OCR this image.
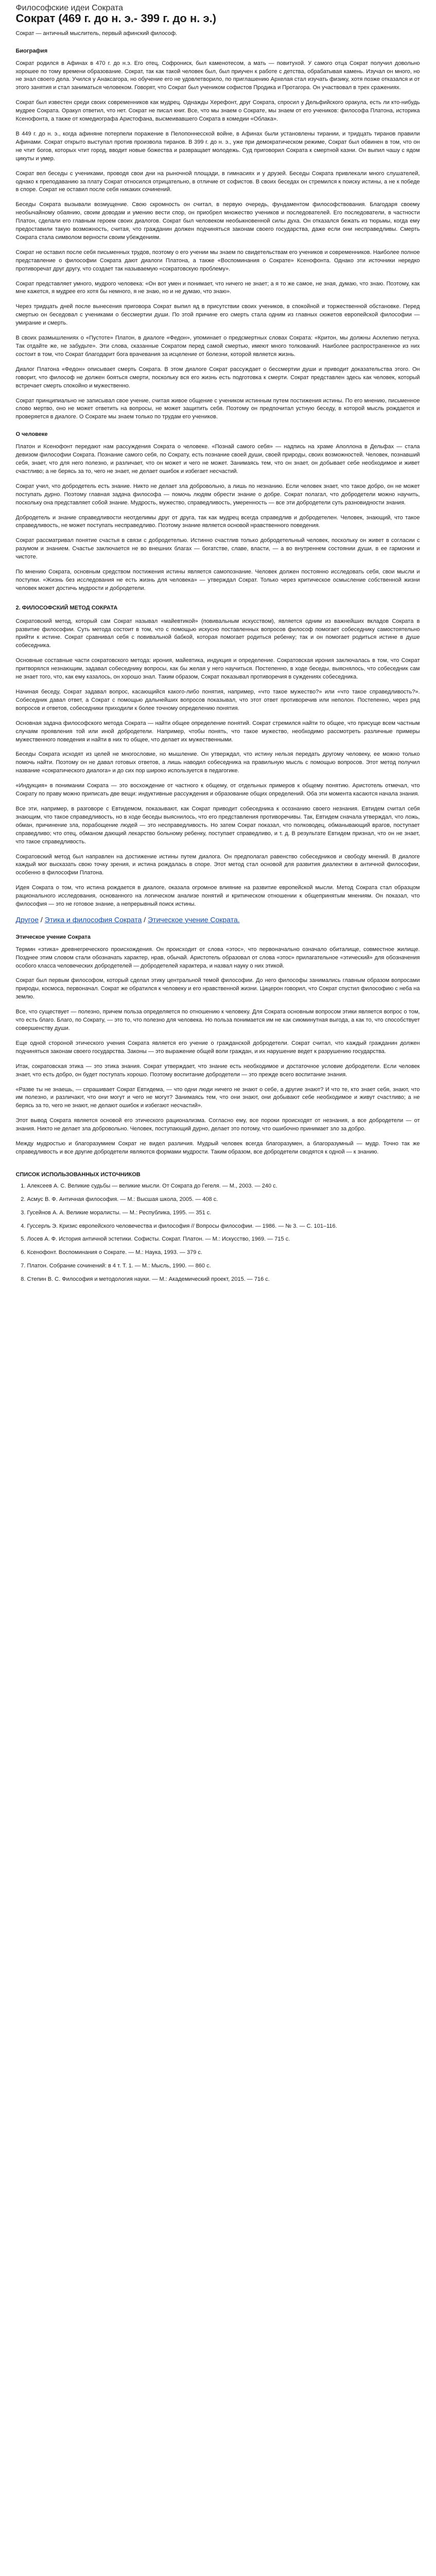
Философские идеи Сократа
Сократ (469 г. до н. э.- 399 г. до н. э.)

Сократ — античный мыслитель, первый афинский философ.

Биография

Сократ родился в Афинах в 470 г. до н.э. Его отец, Софрониск, был каменотесом, а мать — повитухой. У самого отца Сократ получил довольно хорошее по тому времени образование. Сократ, так как такой человек был, был приучен к работе с детства, обрабатывая камень. Изучал он много, но не знал своего дела. Учился у Анаксагора, но обучение его не удовлетворило, по приглашению Архелая стал изучать физику, хотя позже отказался и от этого занятия и стал заниматься человеком. Говорят, что Сократ был учеником софистов Продика и Протагора. Он участвовал в трех сражениях.

Сократ был известен среди своих современников как мудрец. Однажды Херефонт, друг Сократа, спросил у Дельфийского оракула, есть ли кто-нибудь мудрее Сократа. Оракул ответил, что нет. Сократ не писал книг. Все, что мы знаем о Сократе, мы знаем от его учеников: философа Платона, историка Ксенофонта, а также от комедиографа Аристофана, высмеивавшего Сократа в комедии «Облака».

В 449 г. до н. э., когда афиняне потерпели поражение в Пелопоннесской войне, в Афинах были установлены тирании, и тридцать тиранов правили Афинами. Сократ открыто выступал против произвола тиранов. В 399 г. до н. э., уже при демократическом режиме, Сократ был обвинен в том, что он не чтит богов, которых чтит город, вводит новые божества и развращает молодежь. Суд приговорил Сократа к смертной казни. Он выпил чашу с ядом цикуты и умер.

Сократ вел беседы с учениками, проводя свои дни на рыночной площади, в гимнасиях и у друзей. Беседы Сократа привлекали много слушателей, однако к преподаванию за плату Сократ относился отрицательно, в отличие от софистов. В своих беседах он стремился к поиску истины, а не к победе в споре. Сократ не оставил после себя никаких сочинений.

Беседы Сократа вызывали возмущение. Свою скромность он считал, в первую очередь, фундаментом философствования. Благодаря своему необычайному обаянию, своим доводам и умению вести спор, он приобрел множество учеников и последователей. Его последователи, в частности Платон, сделали его главным героем своих диалогов. Сократ был человеком необыкновенной силы духа. Он отказался бежать из тюрьмы, когда ему предоставили такую возможность, считая, что гражданин должен подчиняться законам своего государства, даже если они несправедливы. Смерть Сократа стала символом верности своим убеждениям.

Сократ не оставил после себя письменных трудов, поэтому о его учении мы знаем по свидетельствам его учеников и современников. Наиболее полное представление о философии Сократа дают диалоги Платона, а также «Воспоминания о Сократе» Ксенофонта. Однако эти источники нередко противоречат друг другу, что создает так называемую «сократовскую проблему».

Сократ представляет умного, мудрого человека: «Он вот умен и понимает, что ничего не знает; а я то же самое, не зная, думаю, что знаю. Поэтому, как мне кажется, я мудрее его хотя бы немного, я не знаю, но и не думаю, что знаю».

Через тридцать дней после вынесения приговора Сократ выпил яд в присутствии своих учеников, в спокойной и торжественной обстановке. Перед смертью он беседовал с учениками о бессмертии души. По этой причине его смерть стала одним из главных сюжетов европейской философии — умирание и смерть.

В своих размышлениях о «Пустоте» Платон, в диалоге «Федон», упоминает о предсмертных словах Сократа: «Критон, мы должны Асклепию петуха. Так отдайте же, не забудьте». Эти слова, сказанные Сократом перед самой смертью, имеют много толкований. Наиболее распространенное из них состоит в том, что Сократ благодарит бога врачевания за исцеление от болезни, которой является жизнь.

Диалог Платона «Федон» описывает смерть Сократа. В этом диалоге Сократ рассуждает о бессмертии души и приводит доказательства этого. Он говорит, что философ не должен бояться смерти, поскольку вся его жизнь есть подготовка к смерти. Сократ представлен здесь как человек, который встречает смерть спокойно и мужественно.

Сократ принципиально не записывал свое учение, считая живое общение с учеником истинным путем постижения истины. По его мнению, письменное слово мертво, оно не может ответить на вопросы, не может защитить себя. Поэтому он предпочитал устную беседу, в которой мысль рождается и проверяется в диалоге. О Сократе мы знаем только по трудам его учеников.

О человеке

Платон и Ксенофонт передают нам рассуждения Сократа о человеке. «Познай самого себя» — надпись на храме Аполлона в Дельфах — стала девизом философии Сократа. Познание самого себя, по Сократу, есть познание своей души, своей природы, своих возможностей. Человек, познавший себя, знает, что для него полезно, и различает, что он может и чего не может. Занимаясь тем, что он знает, он добывает себе необходимое и живет счастливо; а не берясь за то, чего не знает, не делает ошибок и избегает несчастий.

Сократ учил, что добродетель есть знание. Никто не делает зла добровольно, а лишь по незнанию. Если человек знает, что такое добро, он не может поступать дурно. Поэтому главная задача философа — помочь людям обрести знание о добре. Сократ полагал, что добродетели можно научить, поскольку она представляет собой знание. Мудрость, мужество, справедливость, умеренность — все эти добродетели суть разновидности знания.

Добродетель и знание справедливости неотделимы друг от друга, так как мудрец всегда справедлив и добродетелен. Человек, знающий, что такое справедливость, не может поступать несправедливо. Поэтому знание является основой нравственного поведения.

Сократ рассматривал понятие счастья в связи с добродетелью. Истинно счастлив только добродетельный человек, поскольку он живет в согласии с разумом и знанием. Счастье заключается не во внешних благах — богатстве, славе, власти, — а во внутреннем состоянии души, в ее гармонии и чистоте.

По мнению Сократа, основным средством постижения истины является самопознание. Человек должен постоянно исследовать себя, свои мысли и поступки. «Жизнь без исследования не есть жизнь для человека» — утверждал Сократ. Только через критическое осмысление собственной жизни человек может достичь мудрости и добродетели.

2. ФИЛОСОФСКИЙ МЕТОД СОКРАТА

Сократовский метод, который сам Сократ называл «майевтикой» (повивальным искусством), является одним из важнейших вкладов Сократа в развитие философии. Суть метода состоит в том, что с помощью искусно поставленных вопросов философ помогает собеседнику самостоятельно прийти к истине. Сократ сравнивал себя с повивальной бабкой, которая помогает родиться ребенку; так и он помогает родиться истине в душе собеседника.

Основные составные части сократовского метода: ирония, майевтика, индукция и определение. Сократовская ирония заключалась в том, что Сократ притворялся незнающим, задавал собеседнику вопросы, как бы желая у него научиться. Постепенно, в ходе беседы, выяснялось, что собеседник сам не знает того, что, как ему казалось, он хорошо знал. Таким образом, Сократ показывал противоречия в суждениях собеседника.

Начиная беседу, Сократ задавал вопрос, касающийся какого-либо понятия, например, «что такое мужество?» или «что такое справедливость?». Собеседник давал ответ, а Сократ с помощью дальнейших вопросов показывал, что этот ответ противоречив или неполон. Постепенно, через ряд вопросов и ответов, собеседники приходили к более точному определению понятия.

Основная задача философского метода Сократа — найти общее определение понятий. Сократ стремился найти то общее, что присуще всем частным случаям проявления той или иной добродетели. Например, чтобы понять, что такое мужество, необходимо рассмотреть различные примеры мужественного поведения и найти в них то общее, что делает их мужественными.

Беседы Сократа исходят из целей не многословие, но мышление. Он утверждал, что истину нельзя передать другому человеку, ее можно только помочь найти. Поэтому он не давал готовых ответов, а лишь наводил собеседника на правильную мысль с помощью вопросов. Этот метод получил название «сократического диалога» и до сих пор широко используется в педагогике.

«Индукция» в понимании Сократа — это восхождение от частного к общему, от отдельных примеров к общему понятию. Аристотель отмечал, что Сократу по праву можно приписать две вещи: индуктивные рассуждения и образование общих определений. Оба эти момента касаются начала знания.

Все эти, например, в разговоре с Евтидемом, показывают, как Сократ приводит собеседника к осознанию своего незнания. Евтидем считал себя знающим, что такое справедливость, но в ходе беседы выяснилось, что его представления противоречивы. Так, Евтидем сначала утверждал, что ложь, обман, причинение зла, порабощение людей — это несправедливость. Но затем Сократ показал, что полководец, обманывающий врагов, поступает справедливо; что отец, обманом дающий лекарство больному ребенку, поступает справедливо, и т. д. В результате Евтидем признал, что он не знает, что такое справедливость.

Сократовский метод был направлен на достижение истины путем диалога. Он предполагал равенство собеседников и свободу мнений. В диалоге каждый мог высказать свою точку зрения, и истина рождалась в споре. Этот метод стал основой для развития диалектики в античной философии, особенно в философии Платона.

Идея Сократа о том, что истина рождается в диалоге, оказала огромное влияние на развитие европейской мысли. Метод Сократа стал образцом рационального исследования, основанного на логическом анализе понятий и критическом отношении к общепринятым мнениям. Он показал, что философия — это не готовое знание, а непрерывный поиск истины.

Другое / Этика и философия Сократа / Этическое учение Сократа.
Этическое учение Сократа

Термин «этика» древнегреческого происхождения. Он происходит от слова «этос», что первоначально означало обиталище, совместное жилище. Позднее этим словом стали обозначать характер, нрав, обычай. Аристотель образовал от слова «этос» прилагательное «этический» для обозначения особого класса человеческих добродетелей — добродетелей характера, и назвал науку о них этикой.

Сократ был первым философом, который сделал этику центральной темой философии. До него философы занимались главным образом вопросами природы, космоса, первоначал. Сократ же обратился к человеку и его нравственной жизни. Цицерон говорил, что Сократ спустил философию с неба на землю.

Все, что существует — полезно, причем польза определяется по отношению к человеку. Для Сократа основным вопросом этики является вопрос о том, что есть благо. Благо, по Сократу, — это то, что полезно для человека. Но польза понимается им не как сиюминутная выгода, а как то, что способствует совершенству души.

Еще одной стороной этического учения Сократа является его учение о гражданской добродетели. Сократ считал, что каждый гражданин должен подчиняться законам своего государства. Законы — это выражение общей воли граждан, и их нарушение ведет к разрушению государства.

Итак, сократовская этика — это этика знания. Сократ утверждает, что знание есть необходимое и достаточное условие добродетели. Если человек знает, что есть добро, он будет поступать хорошо. Поэтому воспитание добродетели — это прежде всего воспитание знания.

«Разве ты не знаешь, — спрашивает Сократ Евтидема, — что одни люди ничего не знают о себе, а другие знают? И что те, кто знает себя, знают, что им полезно, и различают, что они могут и чего не могут? Занимаясь тем, что они знают, они добывают себе необходимое и живут счастливо; а не берясь за то, чего не знают, не делают ошибок и избегают несчастий».

Этот вывод Сократа является основой его этического рационализма. Согласно ему, все пороки происходят от незнания, а все добродетели — от знания. Никто не делает зла добровольно. Человек, поступающий дурно, делает это потому, что ошибочно принимает зло за добро.

Между мудростью и благоразумием Сократ не видел различия. Мудрый человек всегда благоразумен, а благоразумный — мудр. Точно так же справедливость и все другие добродетели являются формами мудрости. Таким образом, все добродетели сводятся к одной — к знанию.

СПИСОК ИСПОЛЬЗОВАННЫХ ИСТОЧНИКОВ
1. Алексеев А. С. Великие судьбы — великие мысли. От Сократа до Гегеля. — М., 2003. — 240 с.
2. Асмус В. Ф. Античная философия. — М.: Высшая школа, 2005. — 408 с.
3. Гусейнов А. А. Великие моралисты. — М.: Республика, 1995. — 351 с.
4. Гуссерль Э. Кризис европейского человечества и философия // Вопросы философии. — 1986. — № 3. — С. 101–116.
5. Лосев А. Ф. История античной эстетики. Софисты. Сократ. Платон. — М.: Искусство, 1969. — 715 с.
6. Ксенофонт. Воспоминания о Сократе. — М.: Наука, 1993. — 379 с.
7. Платон. Собрание сочинений: в 4 т. Т. 1. — М.: Мысль, 1990. — 860 с.
8. Степин В. С. Философия и методология науки. — М.: Академический проект, 2015. — 716 с.
